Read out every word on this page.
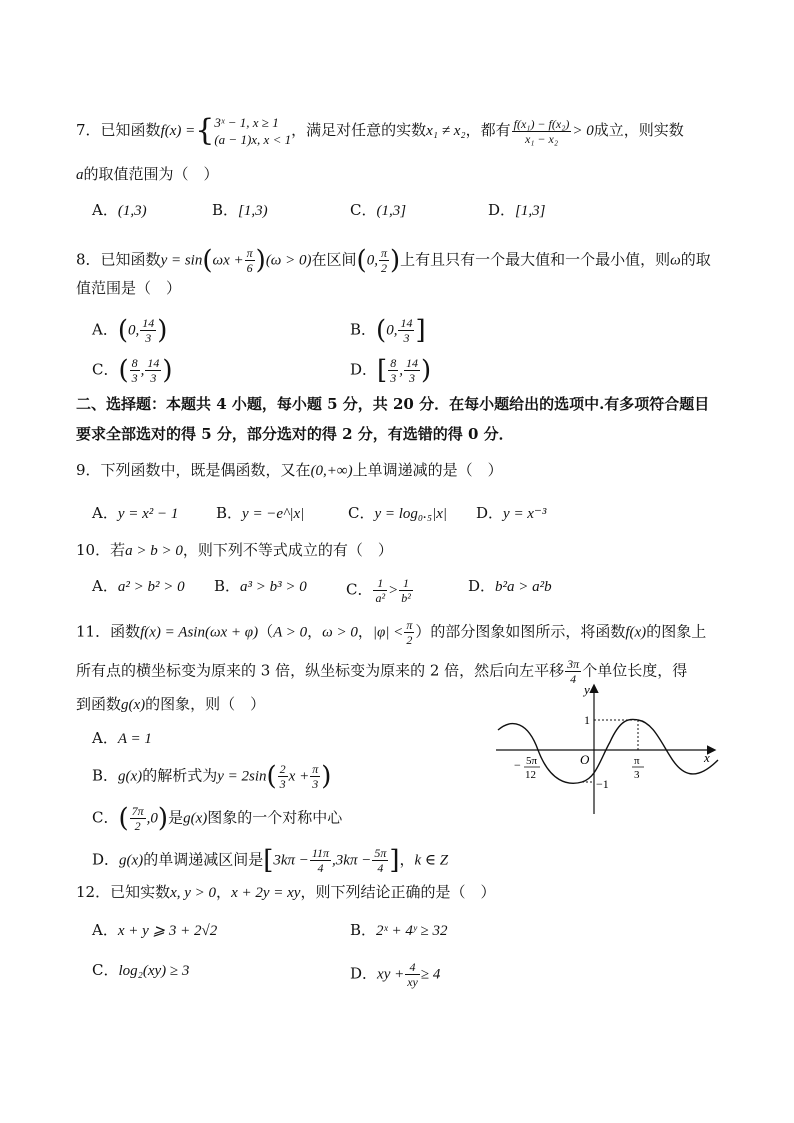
7．已知函数f(x) ={ 3ˣ − 1, x ≥ 1
(a − 1)x, x < 1
，满足对任意的实数x₁ ≠ x₂，都有 $\frac{\text{f(x₁) − f(x₂)}}{\text{x₁ − x₂}} > 0$成立，则实数
a的取值范围为（　）
A．(1,3)	B．[1,3)	C．(1,3]	D．[1,3]
8．已知函数$y = \sin(\omega x + \frac{\pi}{6} )(\omega > 0)$在区间(0, $\frac{\pi}{2}$ )上有且只有一个最大值和一个最小值，则ω的取
值范围是（　）
A．(0, $\frac{14}{3}$ )	B．(0, $\frac{14}{3}$ ]
C．( $\frac{8}{3}$ , $\frac{14}{3}$ )	D．[ $\frac{8}{3}$ , $\frac{14}{3}$ )
二、选择题：本题共 4 小题，每小题 5 分，共 20 分．在每小题给出的选项中.有多项符合题目
要求全部选对的得 5 分，部分选对的得 2 分，有选错的得 0 分．
9．下列函数中，既是偶函数，又在(0,+∞)上单调递减的是（　）
A．y = x² − 1	B．y = −e^|x|	C．y = log₀.₅|x| D．y = x⁻³
10．若a > b > 0，则下列不等式成立的有（　）
A．a² > b² > 0 B．a³ > b³ > 0	C． $\frac{1}{\text{a²}} > \frac{1}{\text{b²}}$	D．b²a > a²b
11．函数f(x) = Asin(ωx + φ)（A > 0，ω > 0，$|\varphi| < \frac{\pi}{2}$ ）的部分图象如图所示，将函数f(x)的图象上
所有点的横坐标变为原来的 3 倍，纵坐标变为原来的 2 倍，然后向左平移 $\frac{3\pi}{4}$ 个单位长度，得
到函数g(x)的图象，则（　）
A．A = 1
B．g(x)的解析式为$y = 2\sin( \frac{2}{3}$ $x + \frac{\pi}{3}$ )
C．( $\frac{7\pi}{2} ,0$)是g(x)图象的一个对称中心
D．g(x)的单调递减区间是[$3k\pi - \frac{11\pi}{4} ,3k\pi - \frac{5\pi}{4}$ ]，k ∈ Z
y
x
O
1
−1
− 5π
12
π
3
12．已知实数x, y > 0，x + 2y = xy，则下列结论正确的是（　）
A．x + y ⩾ 3 + 2√2	B．2ˣ + 4ʸ ≥ 32
C．log₂(xy) ≥ 3	D．xy + $\frac{4}{xy} \ge 4$
